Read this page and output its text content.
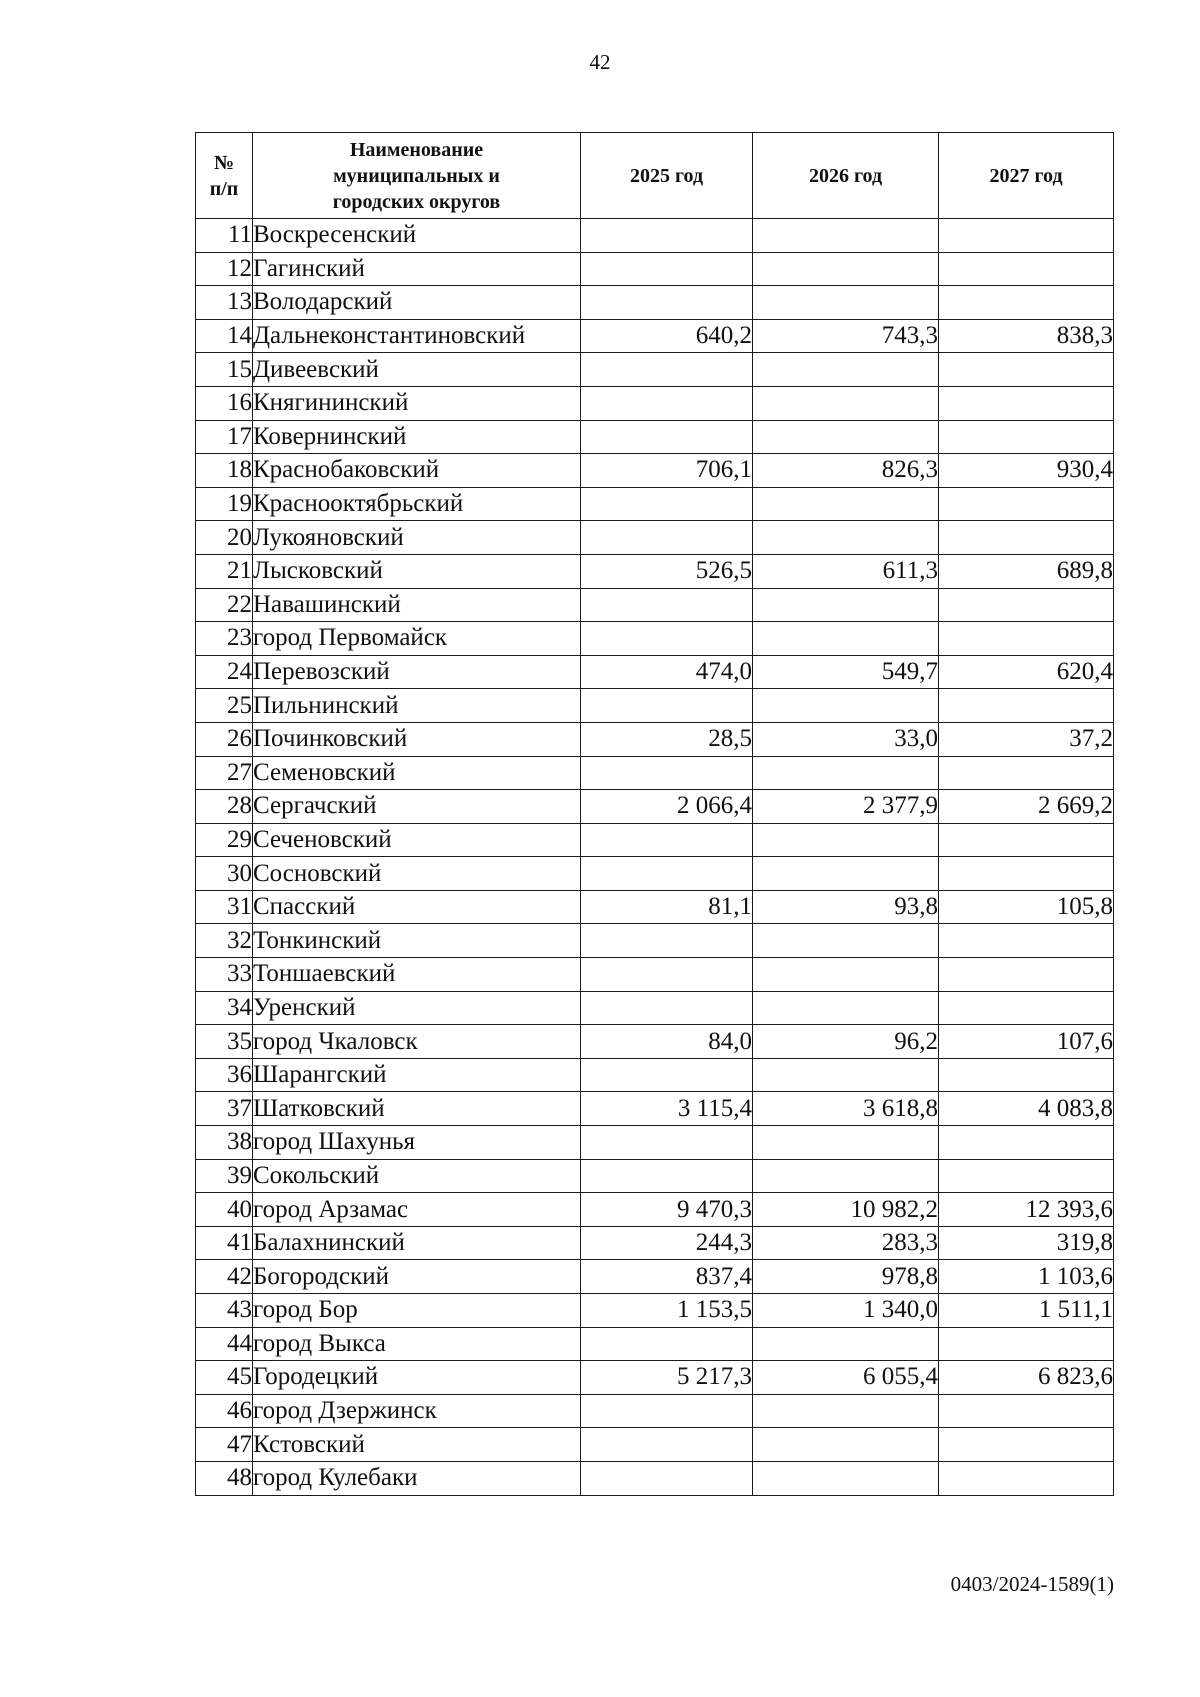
42
№ п/п	Наименование муниципальных и городских округов	2025 год	2026 год	2027 год
11	Воскресенский			
12	Гагинский			
13	Володарский			
14	Дальнеконстантиновский	640,2	743,3	838,3
15	Дивеевский			
16	Княгининский			
17	Ковернинский			
18	Краснобаковский	706,1	826,3	930,4
19	Краснооктябрьский			
20	Лукояновский			
21	Лысковский	526,5	611,3	689,8
22	Навашинский			
23	город Первомайск			
24	Перевозский	474,0	549,7	620,4
25	Пильнинский			
26	Починковский	28,5	33,0	37,2
27	Семеновский			
28	Сергачский	2 066,4	2 377,9	2 669,2
29	Сеченовский			
30	Сосновский			
31	Спасский	81,1	93,8	105,8
32	Тонкинский			
33	Тоншаевский			
34	Уренский			
35	город Чкаловск	84,0	96,2	107,6
36	Шарангский			
37	Шатковский	3 115,4	3 618,8	4 083,8
38	город Шахунья			
39	Сокольский			
40	город Арзамас	9 470,3	10 982,2	12 393,6
41	Балахнинский	244,3	283,3	319,8
42	Богородский	837,4	978,8	1 103,6
43	город Бор	1 153,5	1 340,0	1 511,1
44	город Выкса			
45	Городецкий	5 217,3	6 055,4	6 823,6
46	город Дзержинск			
47	Кстовский			
48	город Кулебаки			
0403/2024-1589(1)
